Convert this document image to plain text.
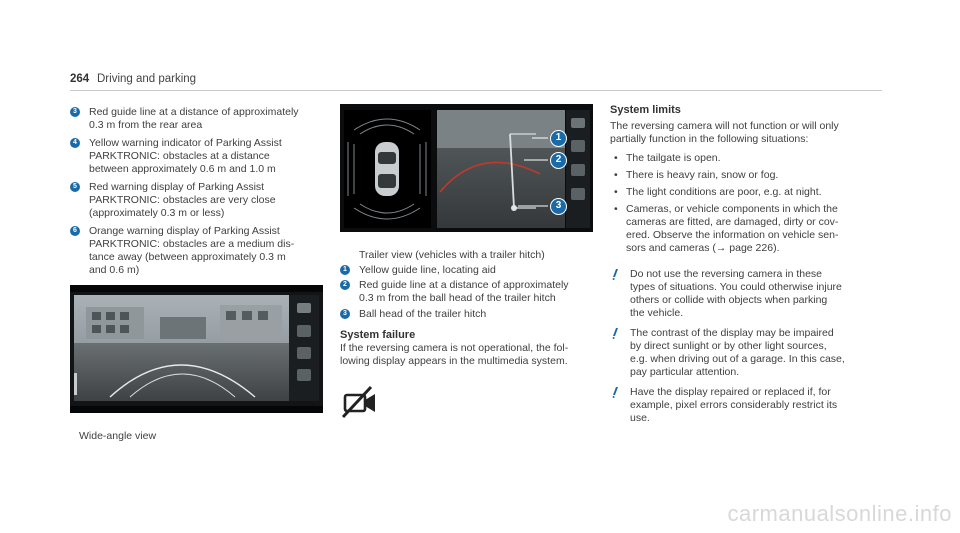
264 Driving and parking
3 Red guide line at a distance of approximately
0.3 m from the rear area
4 Yellow warning indicator of Parking Assist
PARKTRONIC: obstacles at a distance
between approximately 0.6 m and 1.0 m
5 Red warning display of Parking Assist
PARKTRONIC: obstacles are very close
(approximately 0.3 m or less)
6 Orange warning display of Parking Assist
PARKTRONIC: obstacles are a medium dis-
tance away (between approximately 0.3 m
and 0.6 m)
Wide-angle view
1
2
3
Trailer view (vehicles with a trailer hitch)
1 Yellow guide line, locating aid
2 Red guide line at a distance of approximately
0.3 m from the ball head of the trailer hitch
3 Ball head of the trailer hitch
System failure
If the reversing camera is not operational, the fol-
lowing display appears in the multimedia system.
System limits
The reversing camera will not function or will only
partially function in the following situations:

• The tailgate is open.

• There is heavy rain, snow or fog.

• The light conditions are poor, e.g. at night.

• Cameras, or vehicle components in which the
cameras are fitted, are damaged, dirty or cov-
ered. Observe the information on vehicle sen-
sors and cameras (→ page 226).

Do not use the reversing camera in these
types of situations. You could otherwise injure
others or collide with objects when parking
the vehicle.
The contrast of the display may be impaired
by direct sunlight or by other light sources,
e.g. when driving out of a garage. In this case,
pay particular attention.
Have the display repaired or replaced if, for
example, pixel errors considerably restrict its
use.
carmanualsonline.info
